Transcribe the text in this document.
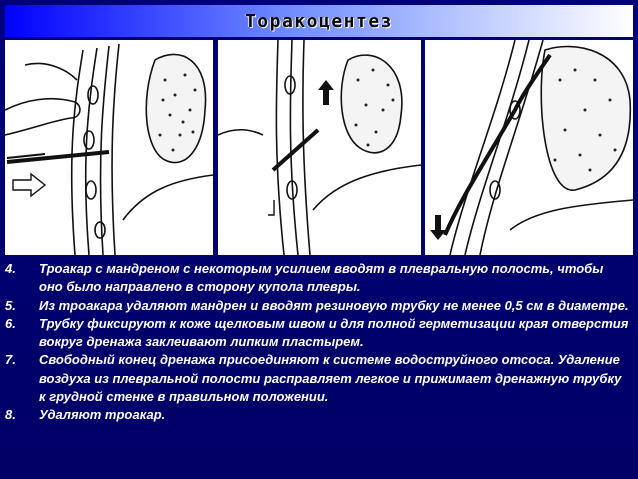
Торакоцентез
4.	Троакар с мандреном с некоторым усилием вводят в плевральную полость, чтобы оно было направлено в сторону купола плевры.
5.	Из троакара удаляют мандрен и вводят резиновую трубку не менее 0,5 см в диаметре.
6.	Трубку фиксируют к коже щелковым швом и для полной герметизации края отверстия вокруг дренажа заклеивают липким пластырем.
7.	Свободный конец дренажа присоединяют к системе водоструйного отсоса. Удаление воздуха из плевральной полости расправляет легкое и прижимает дренажную трубку к грудной стенке в правильном положении.
8.	Удаляют троакар.
